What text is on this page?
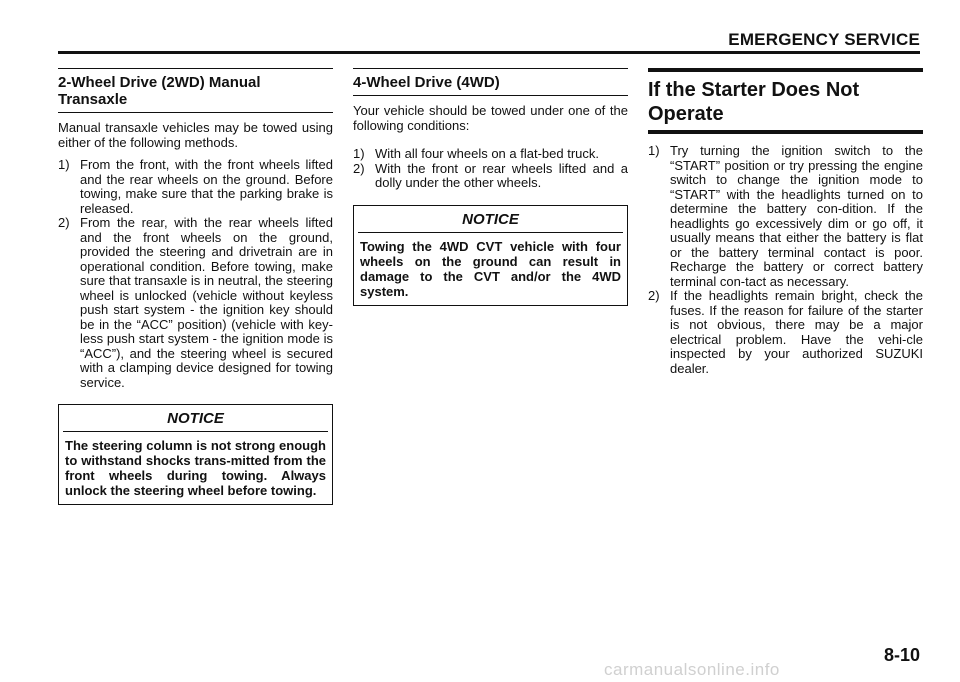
EMERGENCY SERVICE
2-Wheel Drive (2WD) Manual Transaxle

Manual transaxle vehicles may be towed using either of the following methods.

1) From the front, with the front wheels lifted and the rear wheels on the ground. Before towing, make sure that the parking brake is released.
2) From the rear, with the rear wheels lifted and the front wheels on the ground, provided the steering and drivetrain are in operational condition. Before towing, make sure that transaxle is in neutral, the steering wheel is unlocked (vehicle without keyless push start system - the ignition key should be in the “ACC” position) (vehicle with key-less push start system - the ignition mode is “ACC”), and the steering wheel is secured with a clamping device designed for towing service.
NOTICE
The steering column is not strong enough to withstand shocks trans-mitted from the front wheels during towing. Always unlock the steering wheel before towing.
4-Wheel Drive (4WD)

Your vehicle should be towed under one of the following conditions:

1) With all four wheels on a flat-bed truck.
2) With the front or rear wheels lifted and a dolly under the other wheels.
NOTICE
Towing the 4WD CVT vehicle with four wheels on the ground can result in damage to the CVT and/or the 4WD system.
If the Starter Does Not Operate
1) Try turning the ignition switch to the “START” position or try pressing the engine switch to change the ignition mode to “START” with the headlights turned on to determine the battery con-dition. If the headlights go excessively dim or go off, it usually means that either the battery is flat or the battery terminal contact is poor. Recharge the battery or correct battery terminal con-tact as necessary.
2) If the headlights remain bright, check the fuses. If the reason for failure of the starter is not obvious, there may be a major electrical problem. Have the vehi-cle inspected by your authorized SUZUKI dealer.
8-10
carmanualsonline.info
